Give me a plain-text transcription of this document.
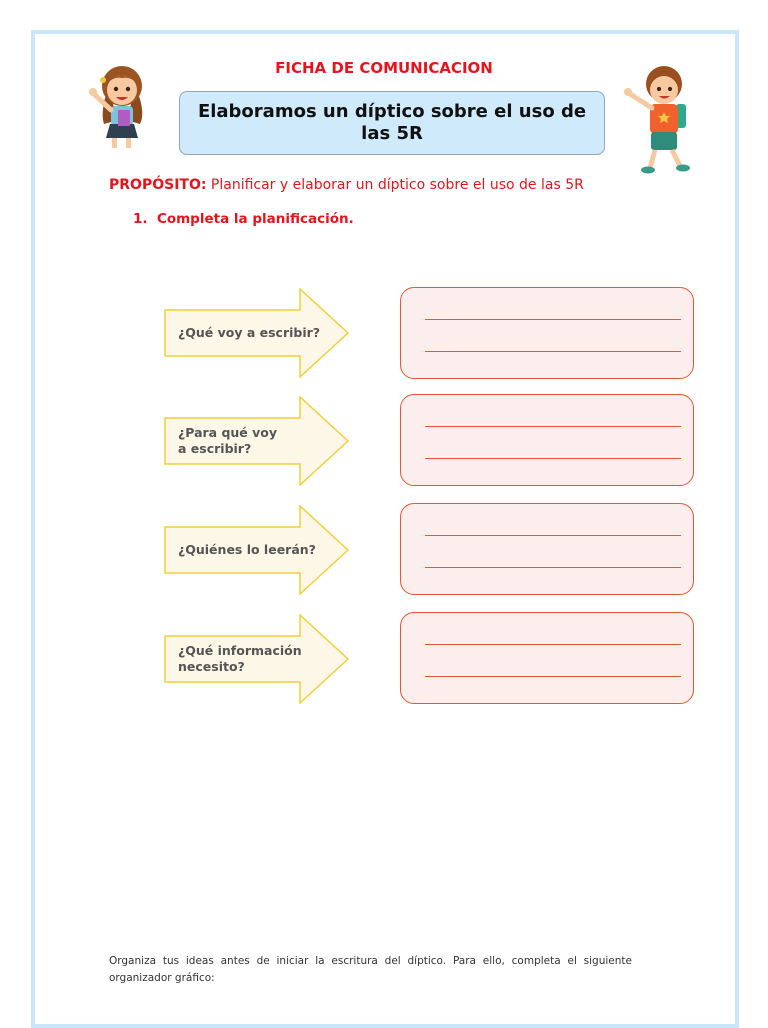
FICHA DE COMUNICACION
Elaboramos un díptico sobre el uso de las 5R
PROPÓSITO: Planificar y elaborar un díptico sobre el uso de las 5R
1. Completa la planificación.
¿Qué voy a escribir?
¿Para qué voy
a escribir?
¿Quiénes lo leerán?
¿Qué información
necesito?
Organiza tus ideas antes de iniciar la escritura del díptico. Para ello, completa el siguiente organizador gráfico:
